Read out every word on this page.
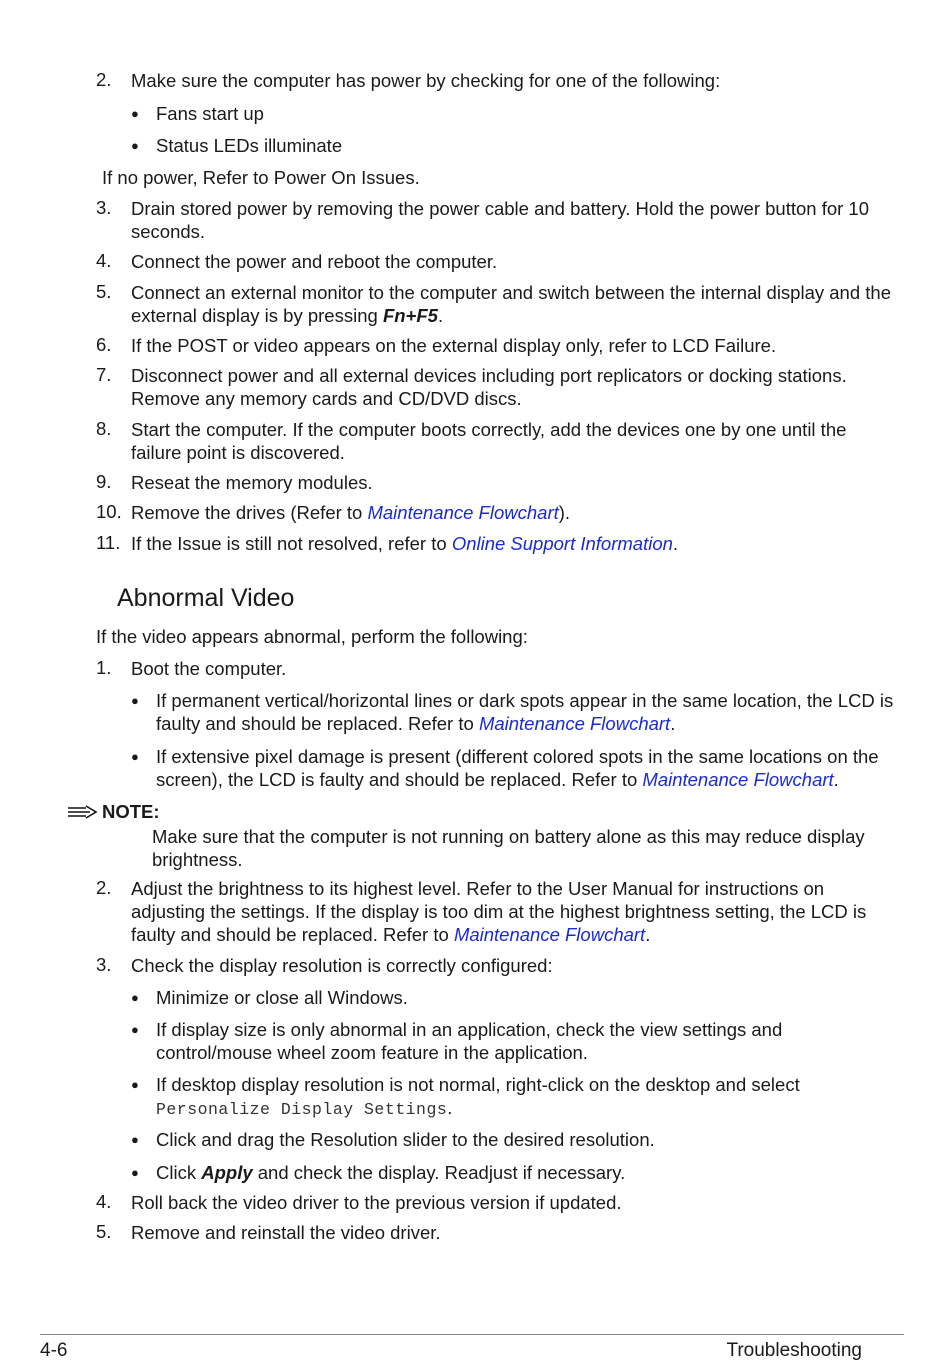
2.	Make sure the computer has power by checking for one of the following:
● Fans start up
● Status LEDs illuminate
If no power, Refer to Power On Issues.
3.	Drain stored power by removing the power cable and battery. Hold the power button for 10 seconds.
4.	Connect the power and reboot the computer.
5.	Connect an external monitor to the computer and switch between the internal display and the external display is by pressing Fn+F5.
6.	If the POST or video appears on the external display only, refer to LCD Failure.
7.	Disconnect power and all external devices including port replicators or docking stations. Remove any memory cards and CD/DVD discs.
8.	Start the computer. If the computer boots correctly, add the devices one by one until the failure point is discovered.
9.	Reseat the memory modules.
10. Remove the drives (Refer to Maintenance Flowchart).
11. If the Issue is still not resolved, refer to Online Support Information.
Abnormal Video
If the video appears abnormal, perform the following:
1.	Boot the computer.
● If permanent vertical/horizontal lines or dark spots appear in the same location, the LCD is faulty and should be replaced. Refer to Maintenance Flowchart.
● If extensive pixel damage is present (different colored spots in the same locations on the screen), the LCD is faulty and should be replaced. Refer to Maintenance Flowchart.
NOTE:
Make sure that the computer is not running on battery alone as this may reduce display brightness.
2.	Adjust the brightness to its highest level. Refer to the User Manual for instructions on adjusting the settings. If the display is too dim at the highest brightness setting, the LCD is faulty and should be replaced. Refer to Maintenance Flowchart.
3.	Check the display resolution is correctly configured:
● Minimize or close all Windows.
● If display size is only abnormal in an application, check the view settings and control/mouse wheel zoom feature in the application.
● If desktop display resolution is not normal, right-click on the desktop and select
Personalize Display Settings.
● Click and drag the Resolution slider to the desired resolution.
● Click Apply and check the display. Readjust if necessary.
4.	Roll back the video driver to the previous version if updated.
5.	Remove and reinstall the video driver.
4-6	Troubleshooting
